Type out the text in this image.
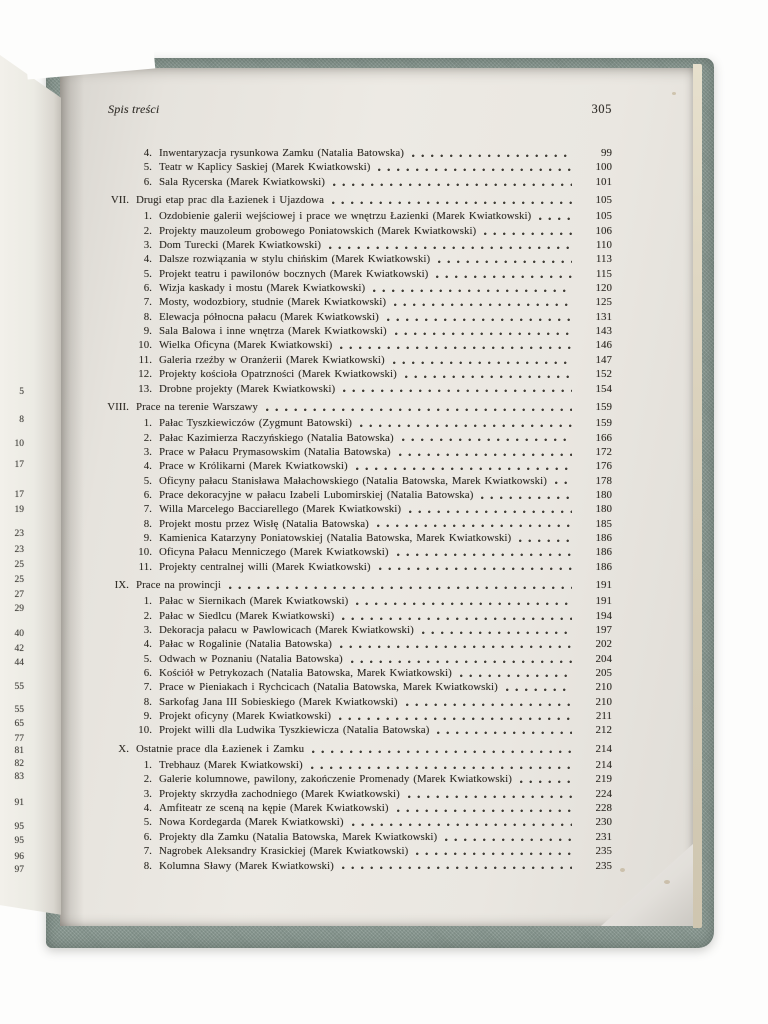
Spis treści	305
4. Inwentaryzacja rysunkowa Zamku (Natalia Batowska)	99
5. Teatr w Kaplicy Saskiej (Marek Kwiatkowski)	100
6. Sala Rycerska (Marek Kwiatkowski)	101
VII. Drugi etap prac dla Łazienek i Ujazdowa	105
1. Ozdobienie galerii wejściowej i prace we wnętrzu Łazienki (Marek Kwiatkowski)	105
2. Projekty mauzoleum grobowego Poniatowskich (Marek Kwiatkowski)	106
3. Dom Turecki (Marek Kwiatkowski)	110
4. Dalsze rozwiązania w stylu chińskim (Marek Kwiatkowski)	113
5. Projekt teatru i pawilonów bocznych (Marek Kwiatkowski)	115
6. Wizja kaskady i mostu (Marek Kwiatkowski)	120
7. Mosty, wodozbiory, studnie (Marek Kwiatkowski)	125
8. Elewacja północna pałacu (Marek Kwiatkowski)	131
9. Sala Balowa i inne wnętrza (Marek Kwiatkowski)	143
10. Wielka Oficyna (Marek Kwiatkowski)	146
11. Galeria rzeźby w Oranżerii (Marek Kwiatkowski)	147
12. Projekty kościoła Opatrzności (Marek Kwiatkowski)	152
13. Drobne projekty (Marek Kwiatkowski)	154
VIII. Prace na terenie Warszawy	159
1. Pałac Tyszkiewiczów (Zygmunt Batowski)	159
2. Pałac Kazimierza Raczyńskiego (Natalia Batowska)	166
3. Prace w Pałacu Prymasowskim (Natalia Batowska)	172
4. Prace w Królikarni (Marek Kwiatkowski)	176
5. Oficyny pałacu Stanisława Małachowskiego (Natalia Batowska, Marek Kwiatkowski)	178
6. Prace dekoracyjne w pałacu Izabeli Lubomirskiej (Natalia Batowska)	180
7. Willa Marcelego Bacciarellego (Marek Kwiatkowski)	180
8. Projekt mostu przez Wisłę (Natalia Batowska)	185
9. Kamienica Katarzyny Poniatowskiej (Natalia Batowska, Marek Kwiatkowski)	186
10. Oficyna Pałacu Menniczego (Marek Kwiatkowski)	186
11. Projekty centralnej willi (Marek Kwiatkowski)	186
IX. Prace na prowincji	191
1. Pałac w Siernikach (Marek Kwiatkowski)	191
2. Pałac w Siedlcu (Marek Kwiatkowski)	194
3. Dekoracja pałacu w Pawlowicach (Marek Kwiatkowski)	197
4. Pałac w Rogalinie (Natalia Batowska)	202
5. Odwach w Poznaniu (Natalia Batowska)	204
6. Kościół w Petrykozach (Natalia Batowska, Marek Kwiatkowski)	205
7. Prace w Pieniakach i Rychcicach (Natalia Batowska, Marek Kwiatkowski)	210
8. Sarkofag Jana III Sobieskiego (Marek Kwiatkowski)	210
9. Projekt oficyny (Marek Kwiatkowski)	211
10. Projekt willi dla Ludwika Tyszkiewicza (Natalia Batowska)	212
X. Ostatnie prace dla Łazienek i Zamku	214
1. Trebhauz (Marek Kwiatkowski)	214
2. Galerie kolumnowe, pawilony, zakończenie Promenady (Marek Kwiatkowski)	219
3. Projekty skrzydła zachodniego (Marek Kwiatkowski)	224
4. Amfiteatr ze sceną na kępie (Marek Kwiatkowski)	228
5. Nowa Kordegarda (Marek Kwiatkowski)	230
6. Projekty dla Zamku (Natalia Batowska, Marek Kwiatkowski)	231
7. Nagrobek Aleksandry Krasickiej (Marek Kwiatkowski)	235
8. Kolumna Sławy (Marek Kwiatkowski)	235
5
8
10
17
17
19
23
23
25
25
27
29
40
42
44
55
55
65
77
81
82
83
91
95
95
96
97
